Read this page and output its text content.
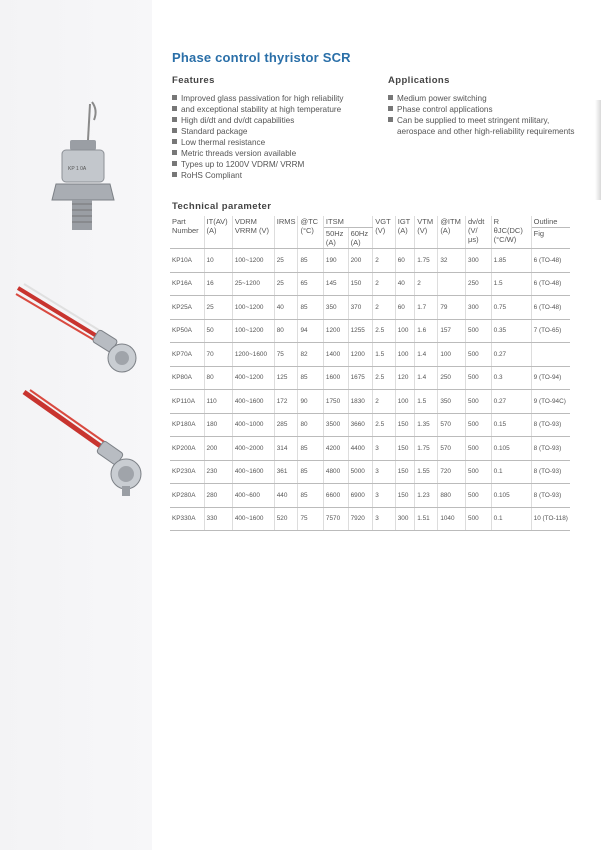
KP 1 0A
Phase control thyristor SCR
Features
Improved glass passivation for high reliability
and exceptional stability at high temperature
High di/dt and dv/dt capabilities
Standard package
Low thermal resistance
Metric threads version available
Types up to 1200V VDRM/ VRRM
RoHS Compliant
Applications
Medium power switching
Phase control applications
Can be supplied to meet stringent military,
aerospace and other high-reliability requirements
Technical parameter
Part Number	IT(AV) (A)	VDRM VRRM (V)	IRMS	@TC (°C)	ITSM		VGT (V)	IGT (A)	VTM (V)	@ITM (A)	dv/dt (V/ μs)	R θJC(DC) (°C/W)	Outline
					50Hz (A)	60Hz (A)							Fig
KP10A	10	100~1200	25	85	190	200	2	60	1.75	32	300	1.85	6 (TO-48)
KP16A	16	25~1200	25	65	145	150	2	40	2		250	1.5	6 (TO-48)
KP25A	25	100~1200	40	85	350	370	2	60	1.7	79	300	0.75	6 (TO-48)
KP50A	50	100~1200	80	94	1200	1255	2.5	100	1.6	157	500	0.35	7 (TO-65)
KP70A	70	1200~1600	75	82	1400	1200	1.5	100	1.4	100	500	0.27	
KP80A	80	400~1200	125	85	1600	1675	2.5	120	1.4	250	500	0.3	9 (TO-94)
KP110A	110	400~1600	172	90	1750	1830	2	100	1.5	350	500	0.27	9 (TO-94C)
KP180A	180	400~1000	285	80	3500	3660	2.5	150	1.35	570	500	0.15	8 (TO-93)
KP200A	200	400~2000	314	85	4200	4400	3	150	1.75	570	500	0.105	8 (TO-93)
KP230A	230	400~1600	361	85	4800	5000	3	150	1.55	720	500	0.1	8 (TO-93)
KP280A	280	400~600	440	85	6600	6900	3	150	1.23	880	500	0.105	8 (TO-93)
KP330A	330	400~1600	520	75	7570	7920	3	300	1.51	1040	500	0.1	10 (TO-118)
